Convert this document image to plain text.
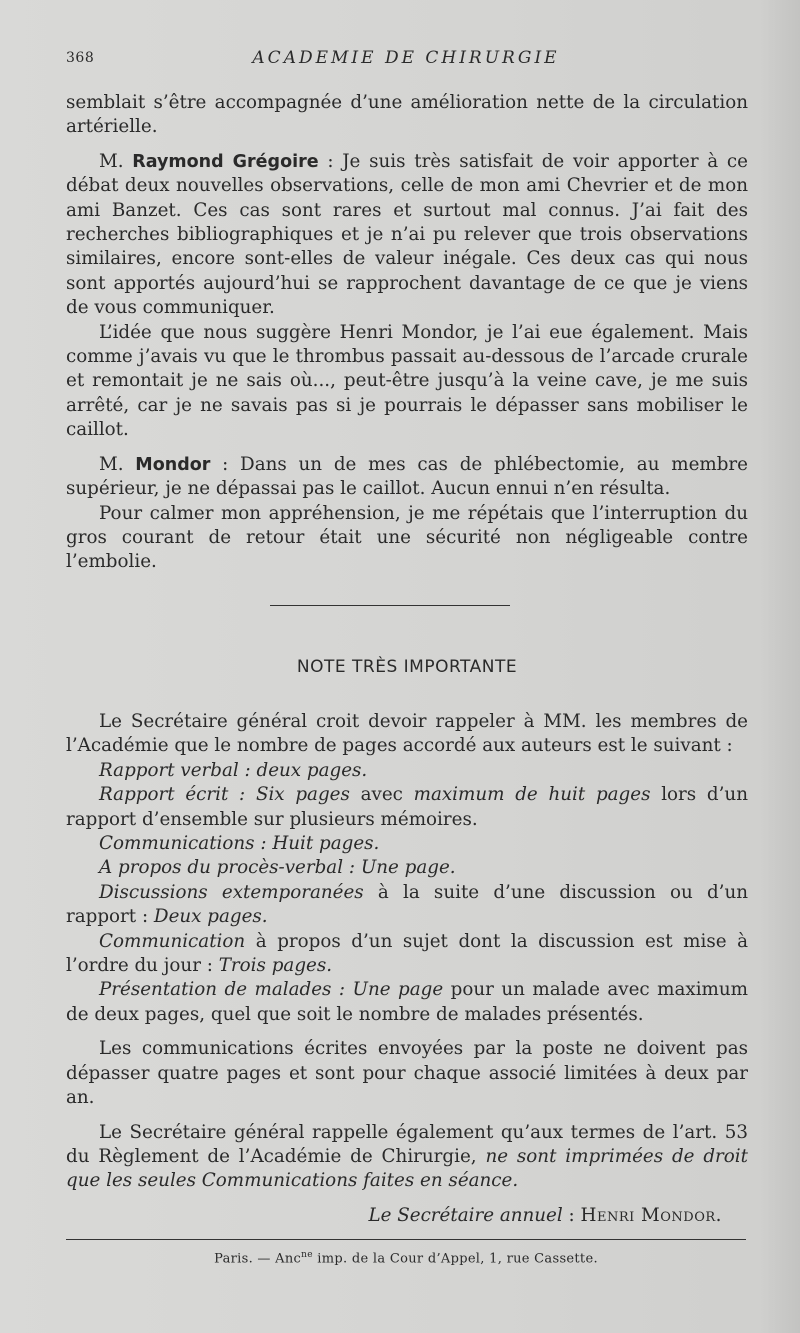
368	ACADEMIE DE CHIRURGIE

semblait s’être accompagnée d’une amélioration nette de la circulation artérielle.

M. Raymond Grégoire : Je suis très satisfait de voir apporter à ce débat deux nouvelles observations, celle de mon ami Chevrier et de mon ami Banzet. Ces cas sont rares et surtout mal connus. J’ai fait des recherches bibliographiques et je n’ai pu relever que trois observations similaires, encore sont-elles de valeur inégale. Ces deux cas qui nous sont apportés aujourd’hui se rapprochent davantage de ce que je viens de vous communiquer.

L’idée que nous suggère Henri Mondor, je l’ai eue également. Mais comme j’avais vu que le thrombus passait au-dessous de l’arcade crurale et remontait je ne sais où..., peut-être jusqu’à la veine cave, je me suis arrêté, car je ne savais pas si je pourrais le dépasser sans mobiliser le caillot.

M. Mondor : Dans un de mes cas de phlébectomie, au membre supérieur, je ne dépassai pas le caillot. Aucun ennui n’en résulta.

Pour calmer mon appréhension, je me répétais que l’interruption du gros courant de retour était une sécurité non négligeable contre l’embolie.

NOTE TRÈS IMPORTANTE

Le Secrétaire général croit devoir rappeler à MM. les membres de l’Académie que le nombre de pages accordé aux auteurs est le suivant :

Rapport verbal : deux pages.

Rapport écrit : Six pages avec maximum de huit pages lors d’un rapport d’ensemble sur plusieurs mémoires.

Communications : Huit pages.

A propos du procès-verbal : Une page.

Discussions extemporanées à la suite d’une discussion ou d’un rapport : Deux pages.

Communication à propos d’un sujet dont la discussion est mise à l’ordre du jour : Trois pages.

Présentation de malades : Une page pour un malade avec maximum de deux pages, quel que soit le nombre de malades présentés.

Les communications écrites envoyées par la poste ne doivent pas dépasser quatre pages et sont pour chaque associé limitées à deux par an.

Le Secrétaire général rappelle également qu’aux termes de l’art. 53 du Règlement de l’Académie de Chirurgie, ne sont imprimées de droit que les seules Communications faites en séance.

Le Secrétaire annuel : Henri Mondor.

Paris. — Anc$^{ne}$ imp. de la Cour d’Appel, 1, rue Cassette.
